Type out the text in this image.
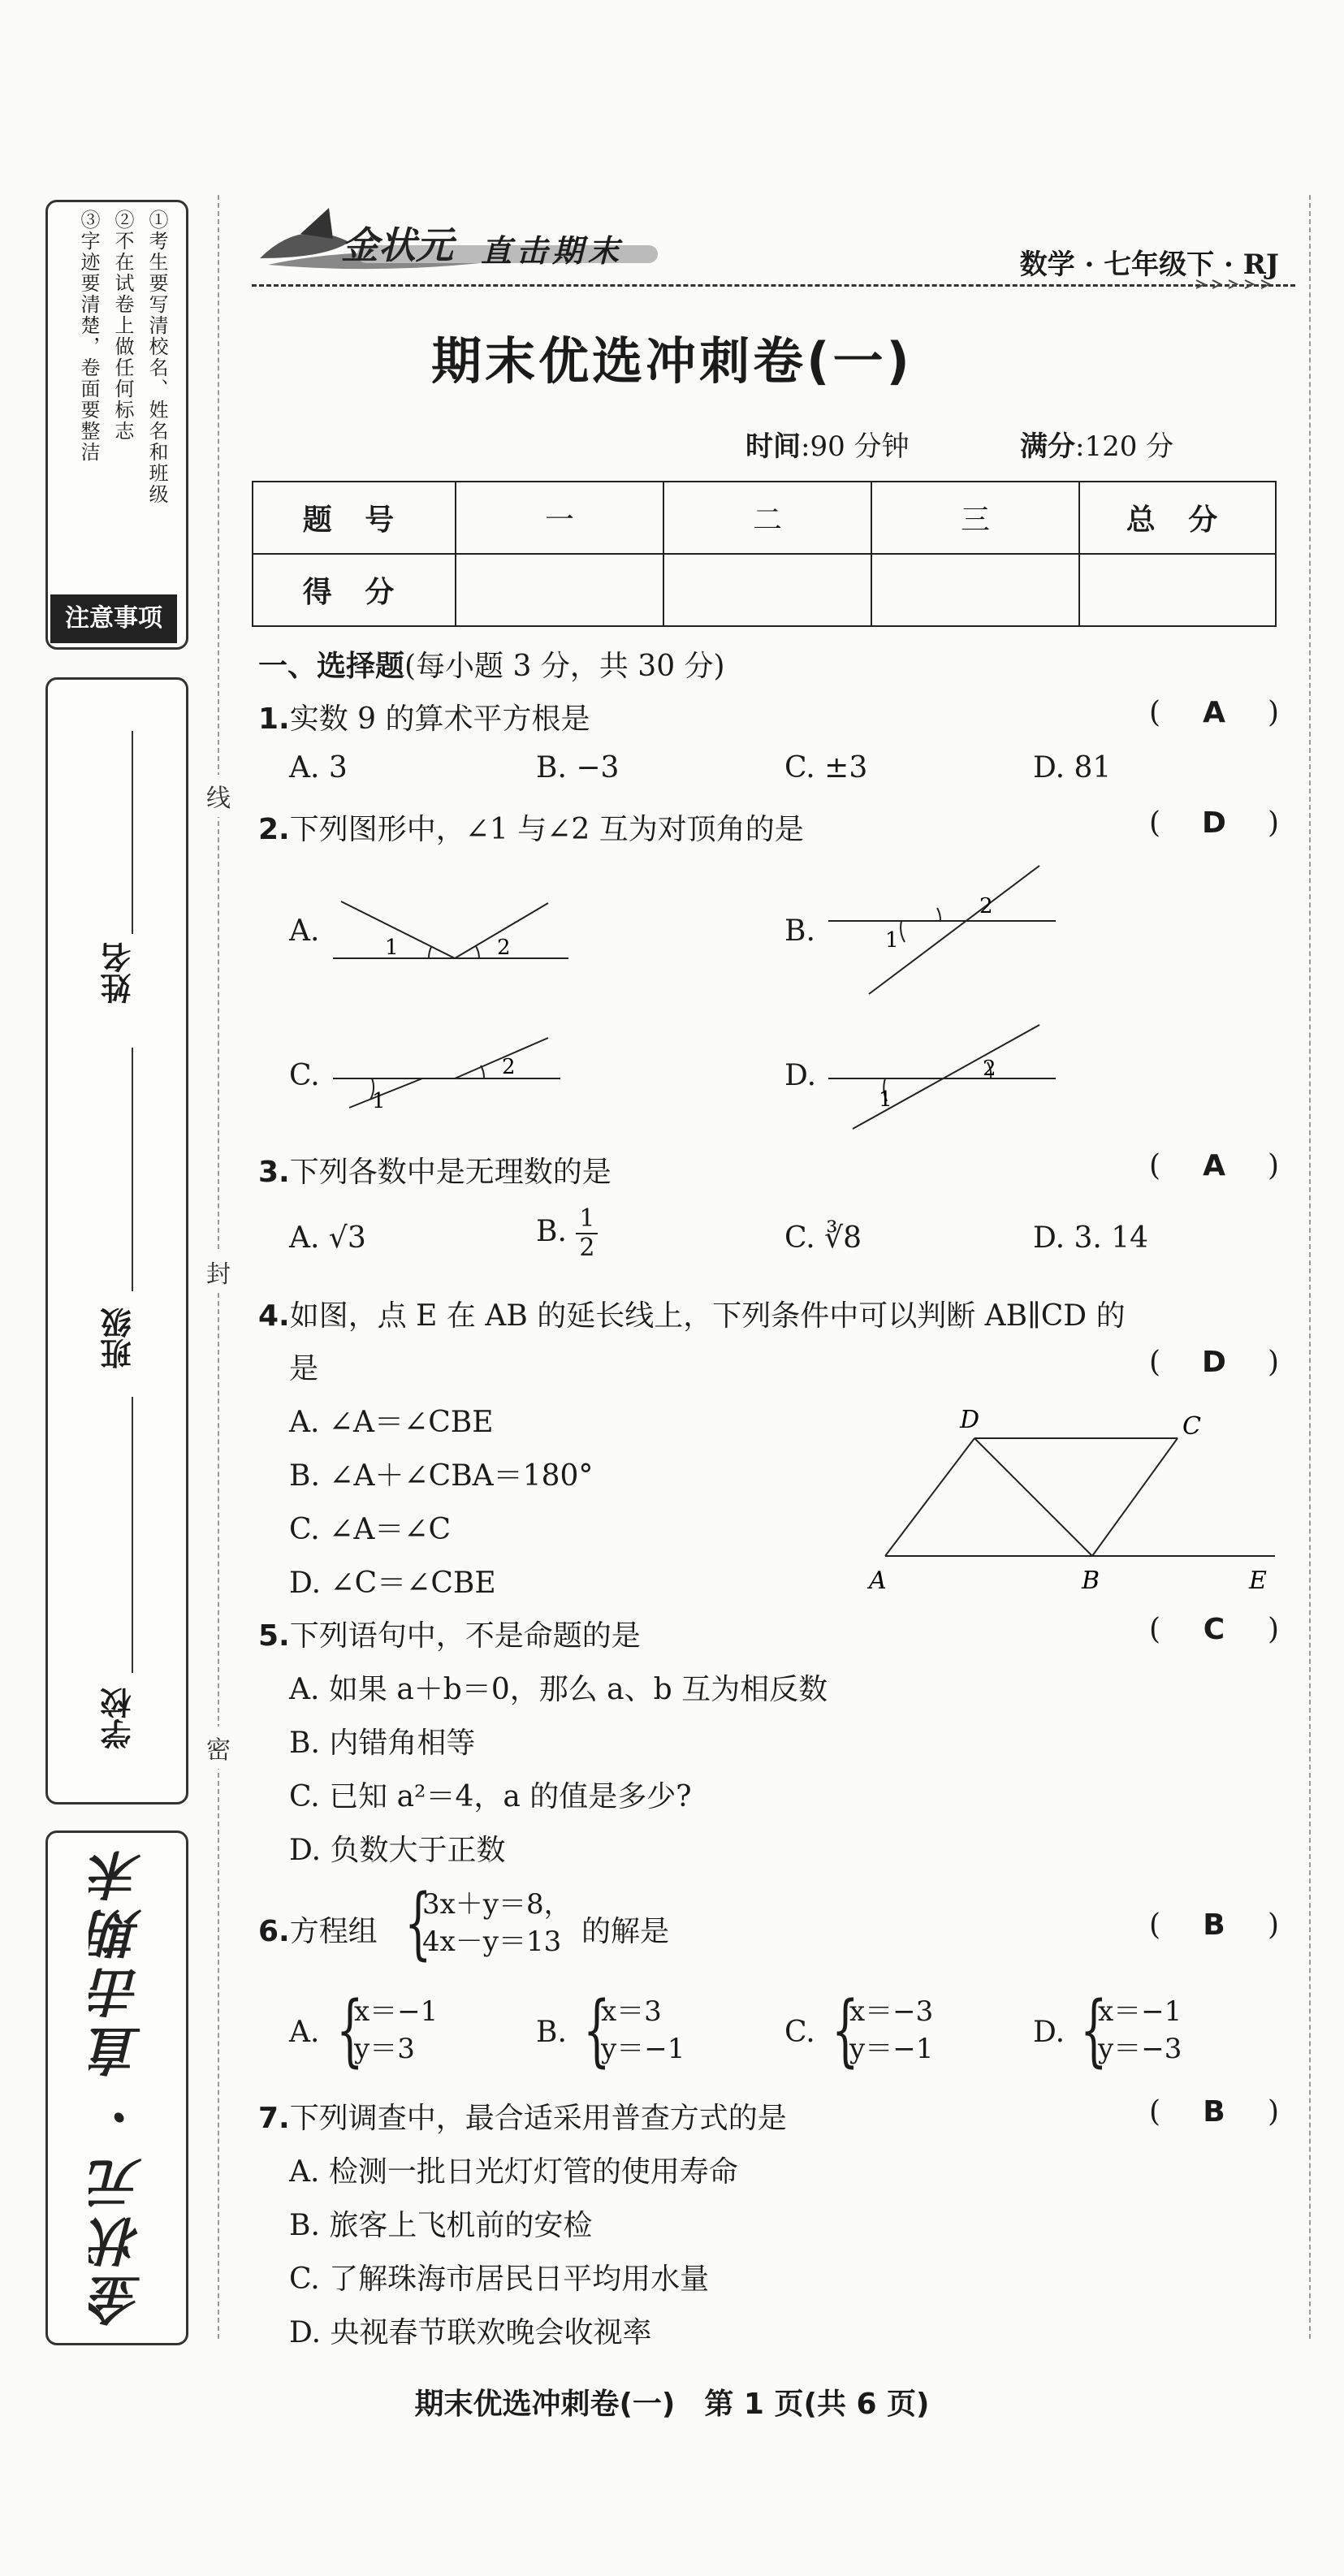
①考生要写清校名、姓名和班级
②不在试卷上做任何标志
③字迹要清楚，卷面要整洁
注意事项
姓名
班级
学校
线
封
密
金状元 · 直击期末
金状元 直击期末	数学 · 七年级下 · RJ
期末优选冲刺卷(一)
时间:90 分钟	满分:120 分
题 号	一	二	三	总 分
得 分				
一、选择题(每小题 3 分，共 30 分)
1.实数 9 的算术平方根是	( A )
A. 3	B. −3	C. ±3	D. 81
2.下列图形中，∠1 与∠2 互为对顶角的是	( D )
A.	B.
C.	D.
1	2	1
2
1
2
1
2
3.下列各数中是无理数的是	( A )
A. √3	B. $\frac{1}{2}$	C. ∛8	D. 3. 14
4.如图，点 E 在 AB 的延长线上，下列条件中可以判断 AB∥CD 的
是	( D )
A. ∠A＝∠CBE
B. ∠A＋∠CBA＝180°
C. ∠A＝∠C
D. ∠C＝∠CBE
D	C
A	B	E
5.下列语句中，不是命题的是	( C )
A. 如果 a＋b＝0，那么 a、b 互为相反数
B. 内错角相等
C. 已知 a²＝4，a 的值是多少?
D. 负数大于正数
6.方程组 {
3x＋y＝8，
4x－y＝13 的解是	( B )
A. {
x＝−1
y＝3	B. {
x＝3
y＝−1	C. {
x＝−3
y＝−1	D. {
x＝−1
y＝−3
7.下列调查中，最合适采用普查方式的是	( B )
A. 检测一批日光灯灯管的使用寿命
B. 旅客上飞机前的安检
C. 了解珠海市居民日平均用水量
D. 央视春节联欢晚会收视率
期末优选冲刺卷(一)　第 1 页(共 6 页)
